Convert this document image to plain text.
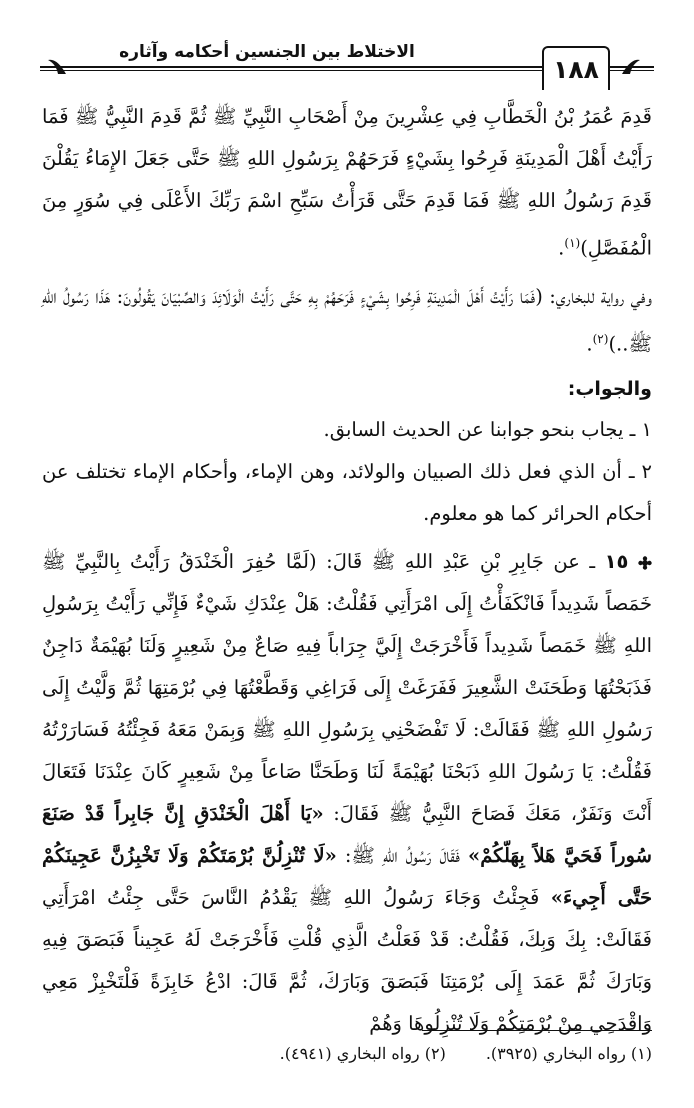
١٨٨
الاختلاط بين الجنسين أحكامه وآثاره

قَدِمَ عُمَرُ بْنُ الْخَطَّابِ فِي عِشْرِينَ مِنْ أَصْحَابِ النَّبِيِّ ﷺ ثُمَّ قَدِمَ النَّبِيُّ ﷺ فَمَا رَأَيْتُ أَهْلَ الْمَدِينَةِ فَرِحُوا بِشَيْءٍ فَرَحَهُمْ بِرَسُولِ اللهِ ﷺ حَتَّى جَعَلَ الإِمَاءُ يَقُلْنَ قَدِمَ رَسُولُ اللهِ ﷺ فَمَا قَدِمَ حَتَّى قَرَأْتُ سَبِّحِ اسْمَ رَبِّكَ الأَعْلَى فِي سُوَرٍ مِنَ الْمُفَصَّلِ)$^{(١)}$.

وفي رواية للبخاري: (فَمَا رَأَيْتُ أَهْلَ الْمَدِينَةِ فَرِحُوا بِشَيْءٍ فَرَحَهُمْ بِهِ حَتَّى رَأَيْتُ الْوَلَائِدَ وَالصِّبْيَانَ يَقُولُونَ: هَذَا رَسُولُ اللهِ ﷺ..)$^{(٢)}$.

والجواب:

١ ـ يجاب بنحو جوابنا عن الحديث السابق.

٢ ـ أن الذي فعل ذلك الصبيان والولائد، وهن الإماء، وأحكام الإماء تختلف عن أحكام الحرائر كما هو معلوم.

١٥ ـ عن جَابِرِ بْنِ عَبْدِ اللهِ ﷺ قَالَ: (لَمَّا حُفِرَ الْخَنْدَقُ رَأَيْتُ بِالنَّبِيِّ ﷺ خَمَصاً شَدِيداً فَانْكَفَأْتُ إِلَى امْرَأَتِي فَقُلْتُ: هَلْ عِنْدَكِ شَيْءٌ فَإِنِّي رَأَيْتُ بِرَسُولِ اللهِ ﷺ خَمَصاً شَدِيداً فَأَخْرَجَتْ إِلَيَّ جِرَاباً فِيهِ صَاعٌ مِنْ شَعِيرٍ وَلَنَا بُهَيْمَةٌ دَاجِنٌ فَذَبَحْتُهَا وَطَحَنَتْ الشَّعِيرَ فَفَرَغَتْ إِلَى فَرَاغِي وَقَطَّعْتُهَا فِي بُرْمَتِهَا ثُمَّ وَلَّيْتُ إِلَى رَسُولِ اللهِ ﷺ فَقَالَتْ: لَا تَفْضَحْنِي بِرَسُولِ اللهِ ﷺ وَبِمَنْ مَعَهُ فَجِئْتُهُ فَسَارَرْتُهُ فَقُلْتُ: يَا رَسُولَ اللهِ ذَبَحْنَا بُهَيْمَةً لَنَا وَطَحَنَّا صَاعاً مِنْ شَعِيرٍ كَانَ عِنْدَنَا فَتَعَالَ أَنْتَ وَنَفَرٌ، مَعَكَ فَصَاحَ النَّبِيُّ ﷺ فَقَالَ: «يَا أَهْلَ الْخَنْدَقِ إِنَّ جَابِراً قَدْ صَنَعَ سُوراً فَحَيَّ هَلاً بِهَلّكُمْ» فَقَالَ رَسُولُ اللهِ ﷺ: «لَا تُنْزِلُنَّ بُرْمَتَكُمْ وَلَا تَخْبِزُنَّ عَجِينَكُمْ حَتَّى أَجِيءَ» فَجِئْتُ وَجَاءَ رَسُولُ اللهِ ﷺ يَقْدُمُ النَّاسَ حَتَّى جِئْتُ امْرَأَتِي فَقَالَتْ: بِكَ وَبِكَ، فَقُلْتُ: قَدْ فَعَلْتُ الَّذِي قُلْتِ فَأَخْرَجَتْ لَهُ عَجِيناً فَبَصَقَ فِيهِ وَبَارَكَ ثُمَّ عَمَدَ إِلَى بُرْمَتِنَا فَبَصَقَ وَبَارَكَ، ثُمَّ قَالَ: ادْعُ خَابِزَةً فَلْتَخْبِزْ مَعِي وَاقْدَحِي مِنْ بُرْمَتِكُمْ وَلَا تُنْزِلُوهَا وَهُمْ

(١) رواه البخاري (٣٩٢٥).
(٢) رواه البخاري (٤٩٤١).
